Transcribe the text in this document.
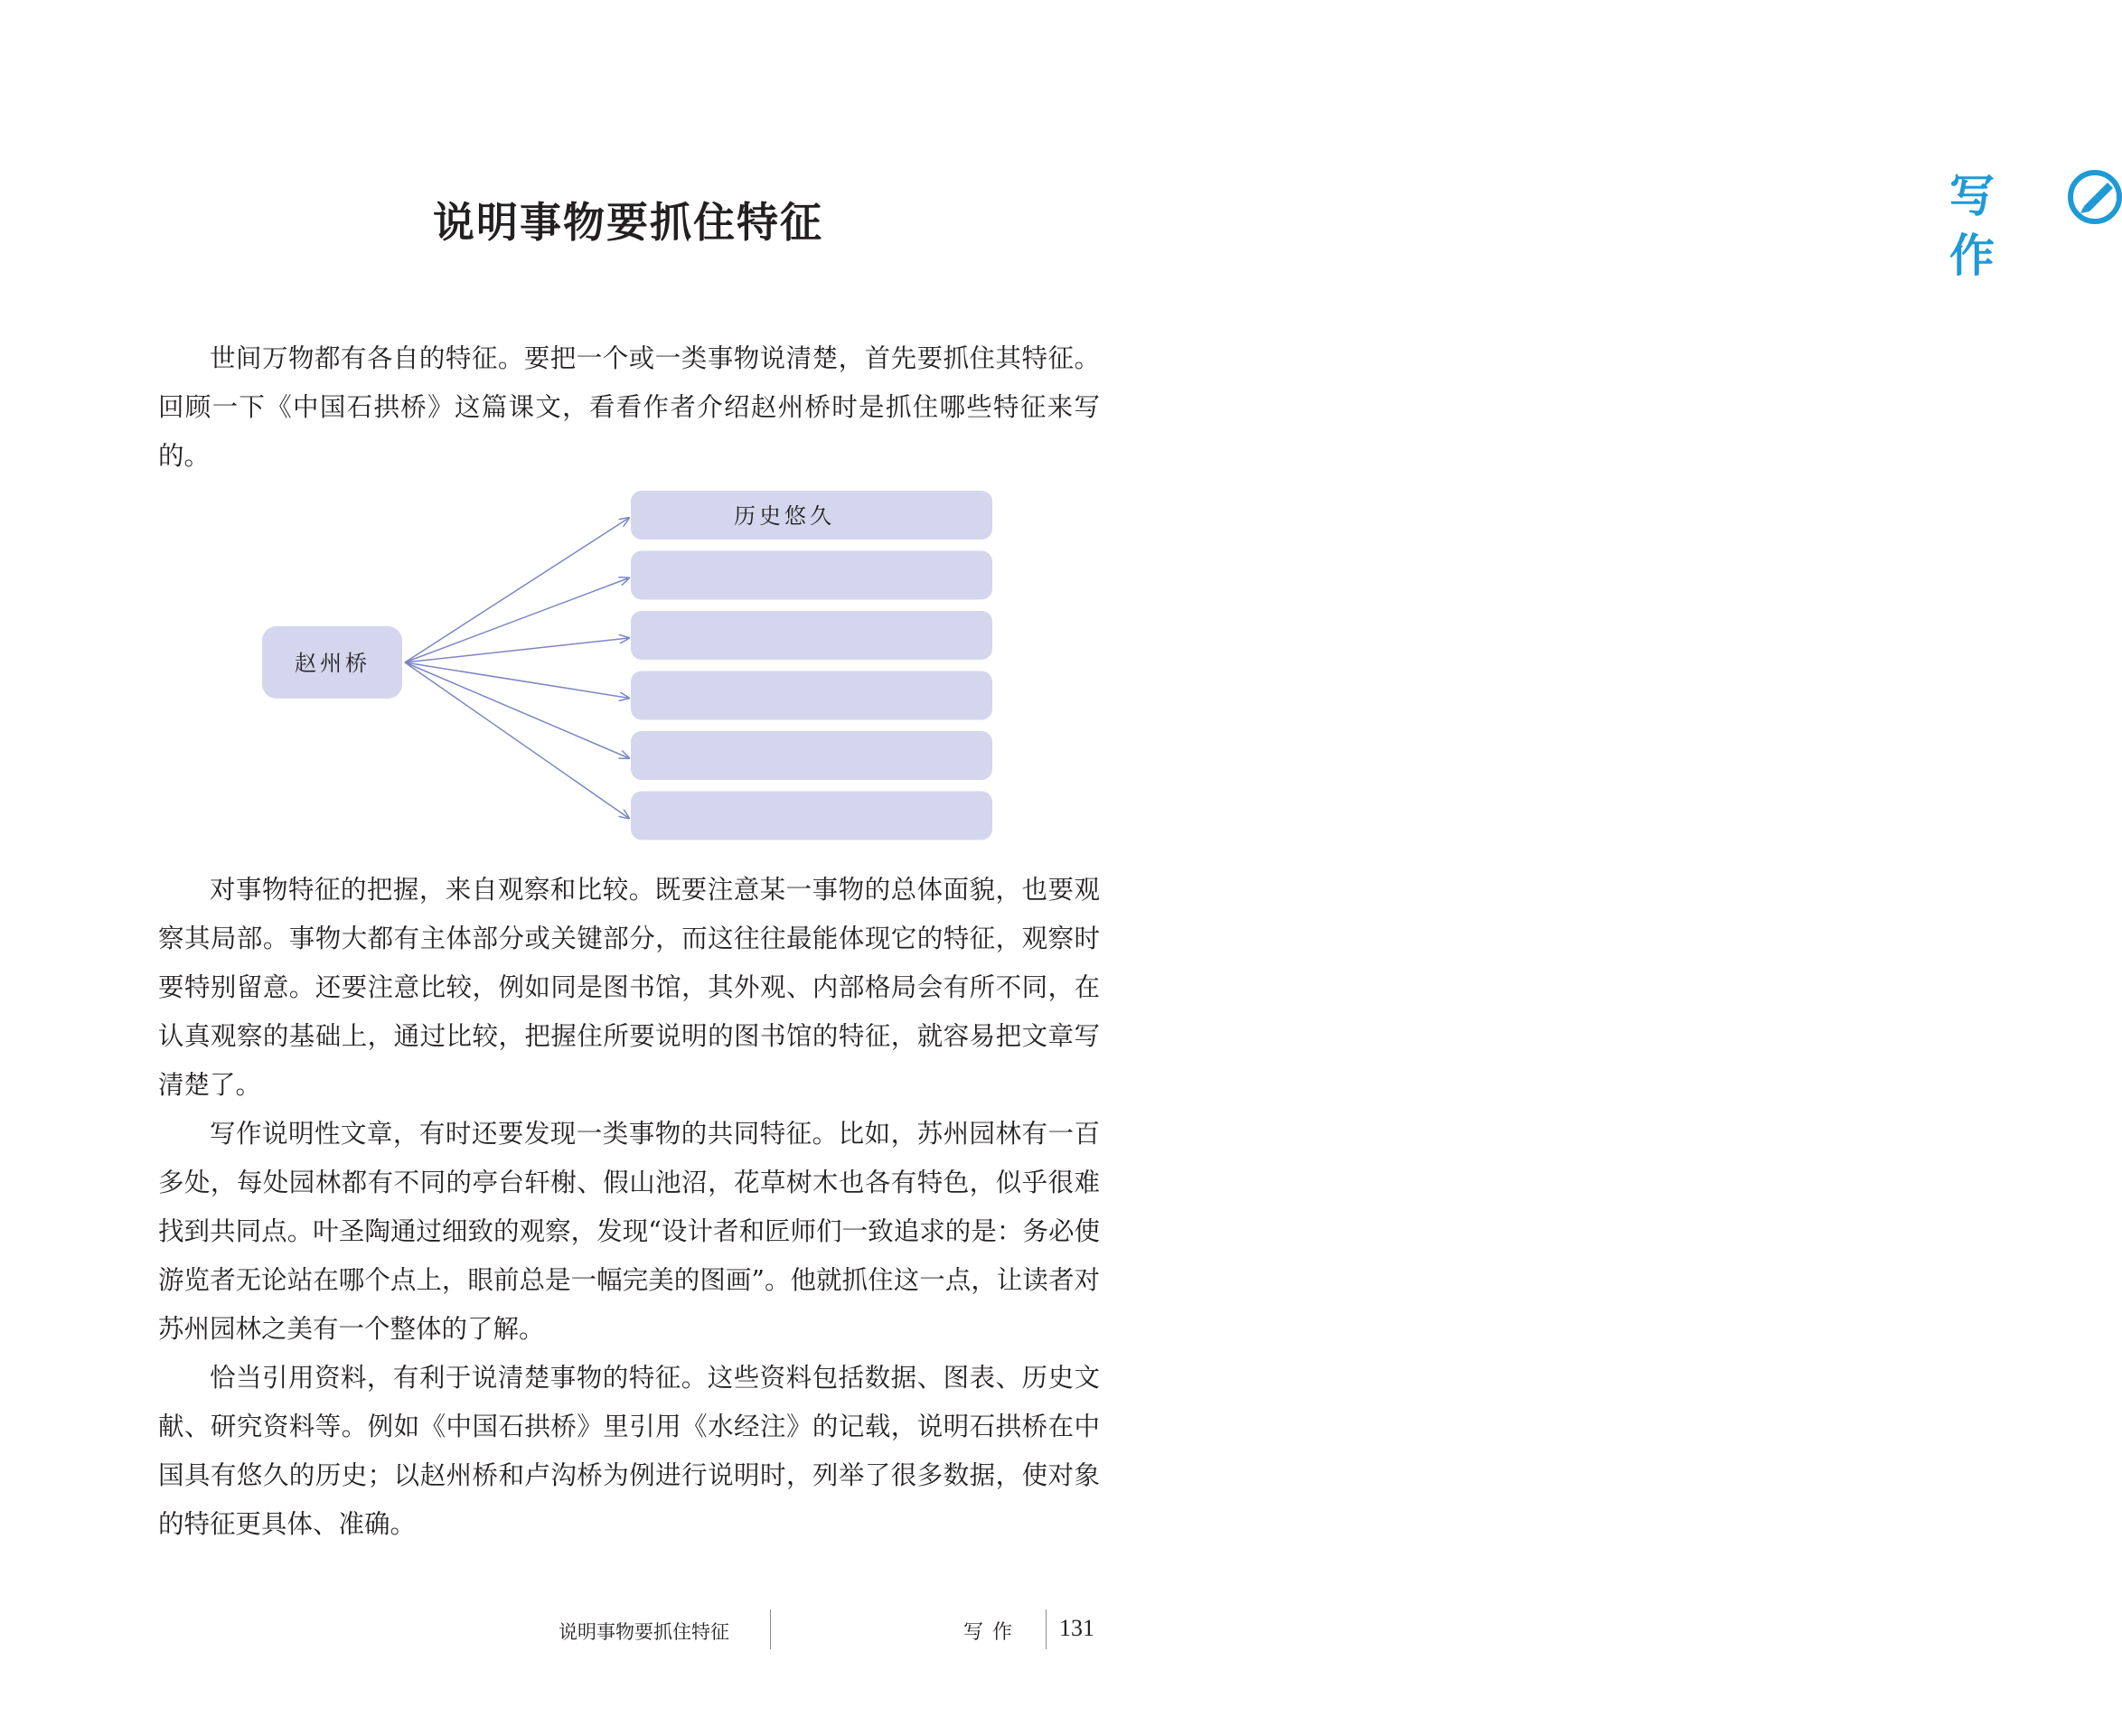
写作
说明事物要抓住特征

世间万物都有各自的特征。要把一个或一类事物说清楚，首先要抓住其特征。回顾一下《中国石拱桥》这篇课文，看看作者介绍赵州桥时是抓住哪些特征来写的。

赵州桥
历史悠久

对事物特征的把握，来自观察和比较。既要注意某一事物的总体面貌，也要观察其局部。事物大都有主体部分或关键部分，而这往往最能体现它的特征，观察时要特别留意。还要注意比较，例如同是图书馆，其外观、内部格局会有所不同，在认真观察的基础上，通过比较，把握住所要说明的图书馆的特征，就容易把文章写清楚了。

写作说明性文章，有时还要发现一类事物的共同特征。比如，苏州园林有一百多处，每处园林都有不同的亭台轩榭、假山池沼，花草树木也各有特色，似乎很难找到共同点。叶圣陶通过细致的观察，发现“设计者和匠师们一致追求的是：务必使游览者无论站在哪个点上，眼前总是一幅完美的图画”。他就抓住这一点，让读者对苏州园林之美有一个整体的了解。

恰当引用资料，有利于说清楚事物的特征。这些资料包括数据、图表、历史文献、研究资料等。例如《中国石拱桥》里引用《水经注》的记载，说明石拱桥在中国具有悠久的历史；以赵州桥和卢沟桥为例进行说明时，列举了很多数据，使对象的特征更具体、准确。

说明事物要抓住特征	写作 131
